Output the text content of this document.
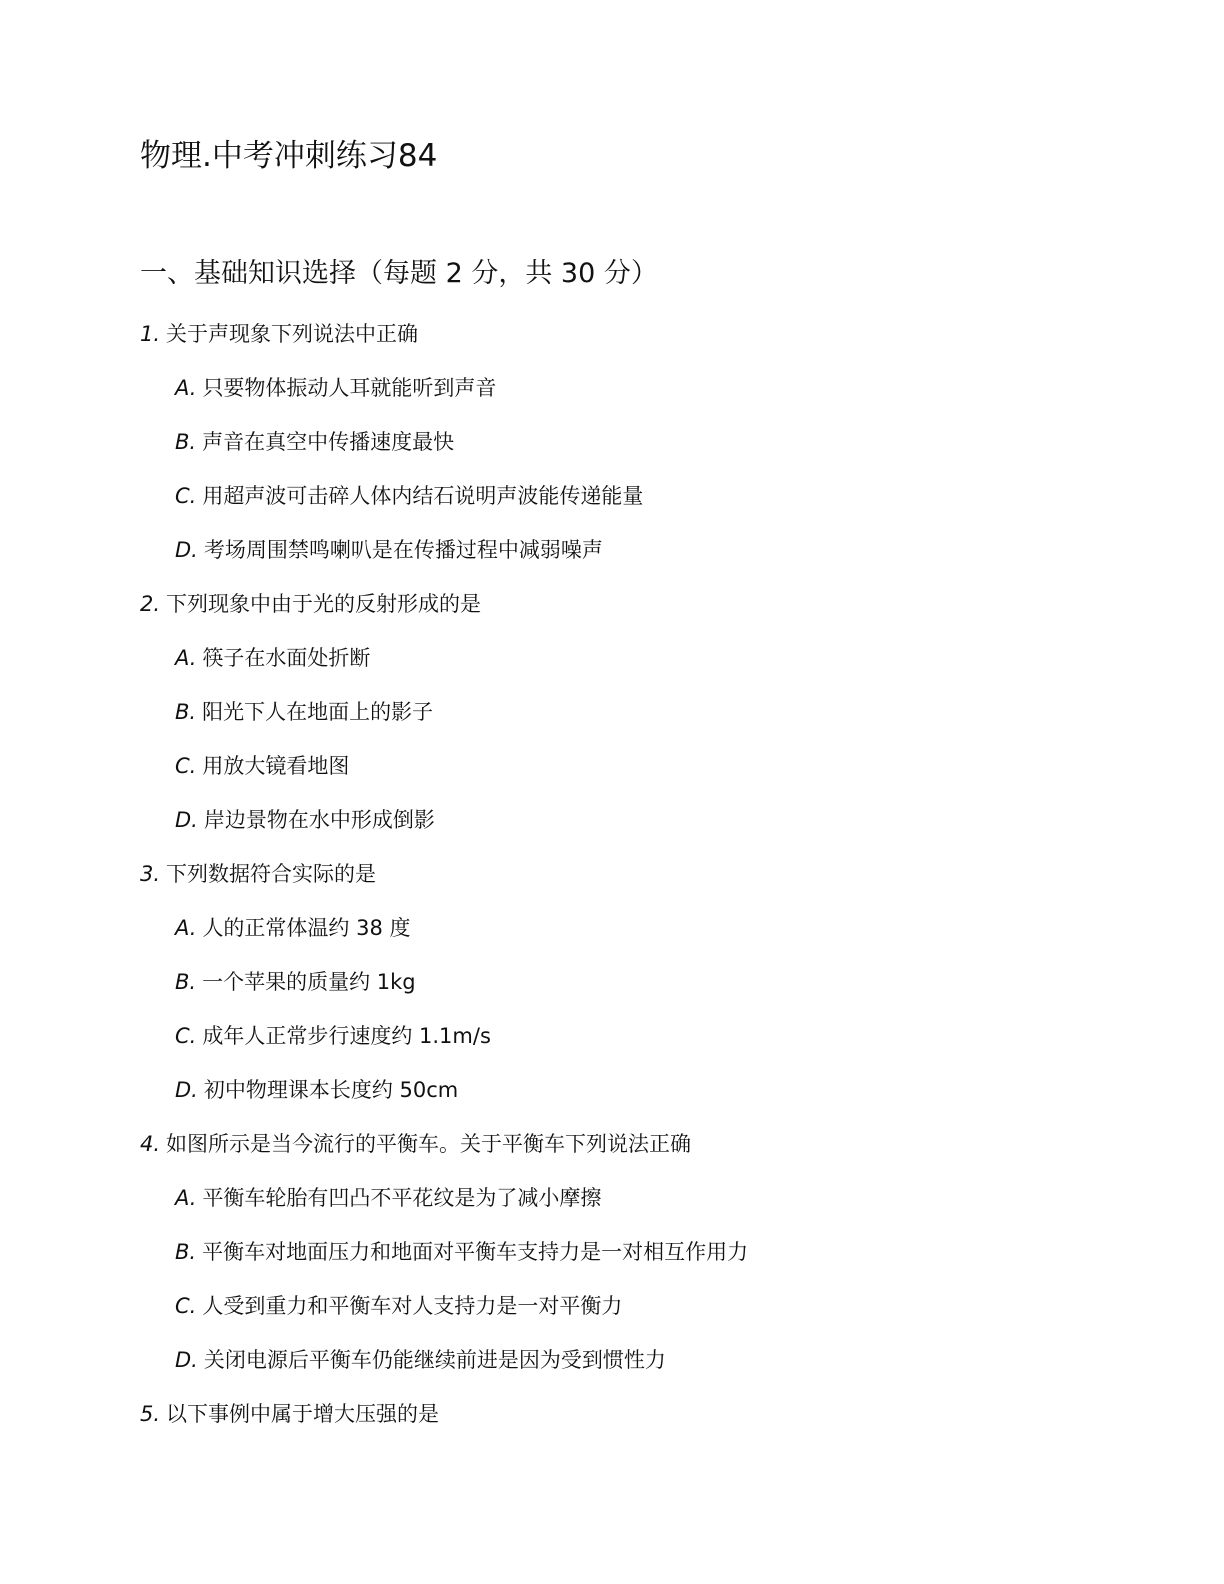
物理.中考冲刺练习84
一、基础知识选择（每题 2 分，共 30 分）
1. 关于声现象下列说法中正确
A. 只要物体振动人耳就能听到声音
B. 声音在真空中传播速度最快
C. 用超声波可击碎人体内结石说明声波能传递能量
D. 考场周围禁鸣喇叭是在传播过程中减弱噪声
2. 下列现象中由于光的反射形成的是
A. 筷子在水面处折断
B. 阳光下人在地面上的影子
C. 用放大镜看地图
D. 岸边景物在水中形成倒影
3. 下列数据符合实际的是
A. 人的正常体温约 38 度
B. 一个苹果的质量约 1kg
C. 成年人正常步行速度约 1.1m/s
D. 初中物理课本长度约 50cm
4. 如图所示是当今流行的平衡车。关于平衡车下列说法正确
A. 平衡车轮胎有凹凸不平花纹是为了减小摩擦
B. 平衡车对地面压力和地面对平衡车支持力是一对相互作用力
C. 人受到重力和平衡车对人支持力是一对平衡力
D. 关闭电源后平衡车仍能继续前进是因为受到惯性力
5. 以下事例中属于增大压强的是
